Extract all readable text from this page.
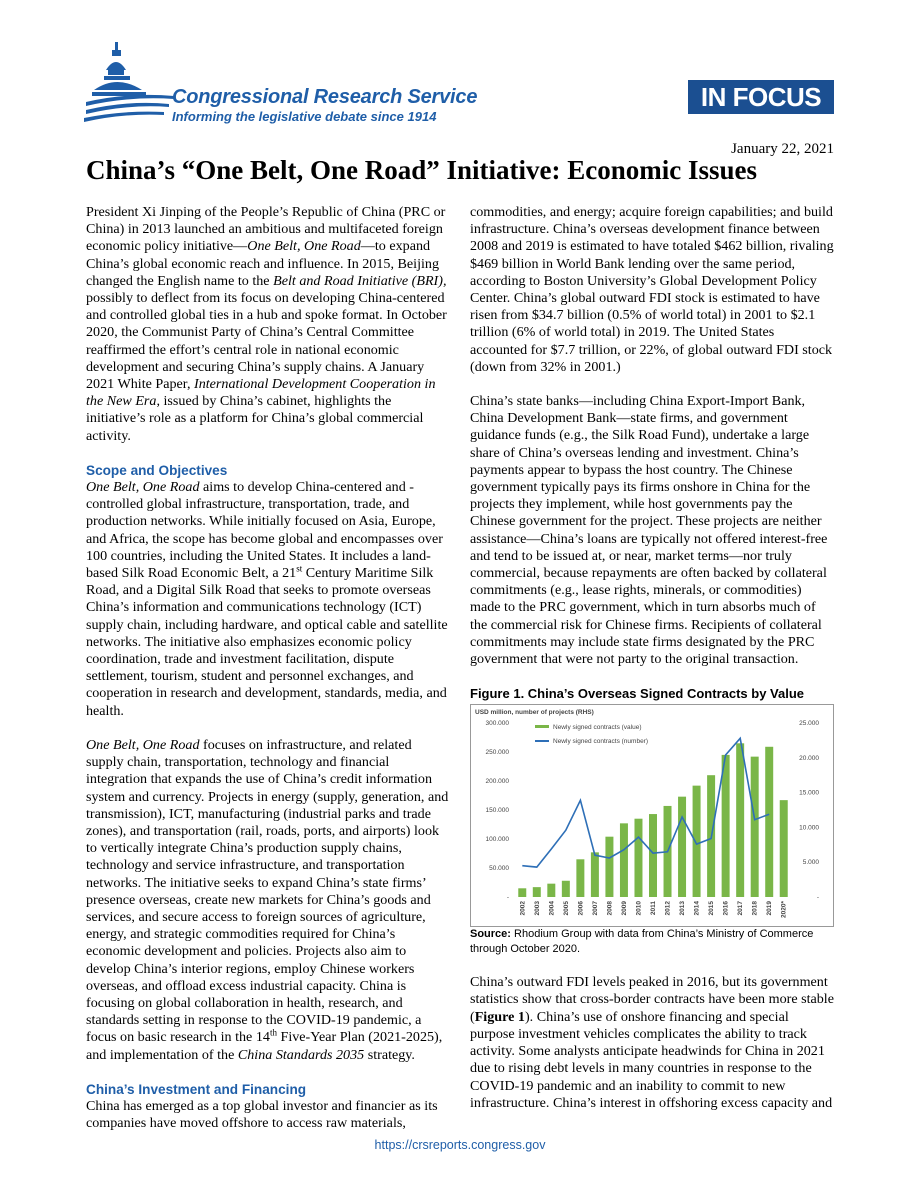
Congressional Research Service
Informing the legislative debate since 1914
IN FOCUS
January 22, 2021
China’s “One Belt, One Road” Initiative: Economic Issues

President Xi Jinping of the People’s Republic of China (PRC or China) in 2013 launched an ambitious and multifaceted foreign economic policy initiative—One Belt, One Road—to expand China’s global economic reach and influence. In 2015, Beijing changed the English name to the Belt and Road Initiative (BRI), possibly to deflect from its focus on developing China-centered and controlled global ties in a hub and spoke format. In October 2020, the Communist Party of China’s Central Committee reaffirmed the effort’s central role in national economic development and securing China’s supply chains. A January 2021 White Paper, International Development Cooperation in the New Era, issued by China’s cabinet, highlights the initiative’s role as a platform for China’s global commercial activity.

Scope and Objectives

One Belt, One Road aims to develop China-centered and -controlled global infrastructure, transportation, trade, and production networks. While initially focused on Asia, Europe, and Africa, the scope has become global and encompasses over 100 countries, including the United States. It includes a land-based Silk Road Economic Belt, a 21st Century Maritime Silk Road, and a Digital Silk Road that seeks to promote overseas China’s information and communications technology (ICT) supply chain, including hardware, and optical cable and satellite networks. The initiative also emphasizes economic policy coordination, trade and investment facilitation, dispute settlement, tourism, student and personnel exchanges, and cooperation in research and development, standards, media, and health.

One Belt, One Road focuses on infrastructure, and related supply chain, transportation, technology and financial integration that expands the use of China’s credit information system and currency. Projects in energy (supply, generation, and transmission), ICT, manufacturing (industrial parks and trade zones), and transportation (rail, roads, ports, and airports) look to vertically integrate China’s production supply chains, technology and service infrastructure, and transportation networks. The initiative seeks to expand China’s state firms’ presence overseas, create new markets for China’s goods and services, and secure access to foreign sources of agriculture, energy, and strategic commodities required for China’s economic development and policies. Projects also aim to develop China’s interior regions, employ Chinese workers overseas, and offload excess industrial capacity. China is focusing on global collaboration in health, research, and standards setting in response to the COVID-19 pandemic, a focus on basic research in the 14th Five-Year Plan (2021-2025), and implementation of the China Standards 2035 strategy.

China’s Investment and Financing

China has emerged as a top global investor and financier as its companies have moved offshore to access raw materials,

commodities, and energy; acquire foreign capabilities; and build infrastructure. China’s overseas development finance between 2008 and 2019 is estimated to have totaled $462 billion, rivaling $469 billion in World Bank lending over the same period, according to Boston University’s Global Development Policy Center. China’s global outward FDI stock is estimated to have risen from $34.7 billion (0.5% of world total) in 2001 to $2.1 trillion (6% of world total) in 2019. The United States accounted for $7.7 trillion, or 22%, of global outward FDI stock (down from 32% in 2001.)

China’s state banks—including China Export-Import Bank, China Development Bank—state firms, and government guidance funds (e.g., the Silk Road Fund), undertake a large share of China’s overseas lending and investment. China’s payments appear to bypass the host country. The Chinese government typically pays its firms onshore in China for the projects they implement, while host governments pay the Chinese government for the project. These projects are neither assistance—China’s loans are typically not offered interest-free and tend to be issued at, or near, market terms—nor truly commercial, because repayments are often backed by collateral commitments (e.g., lease rights, minerals, or commodities) made to the PRC government, which in turn absorbs much of the commercial risk for Chinese firms. Recipients of collateral commitments may include state firms designated by the PRC government that were not party to the original transaction.

Figure 1. China’s Overseas Signed Contracts by Value
USD million, number of projects (RHS)
-
50.000
100.000
150.000
200.000
250.000
300.000
-
5.000
10.000
15.000
20.000
25.000
2002 2003 2004 2005 2006 2007 2008 2009 2010 2011 2012 2013 2014 2015 2016 2017 2018 2019 2020*
Newly signed contracts (value)
Newly signed contracts (number)

Source: Rhodium Group with data from China’s Ministry of Commerce through October 2020.

China’s outward FDI levels peaked in 2016, but its government statistics show that cross-border contracts have been more stable (Figure 1). China’s use of onshore financing and special purpose investment vehicles complicates the ability to track activity. Some analysts anticipate headwinds for China in 2021 due to rising debt levels in many countries in response to the COVID-19 pandemic and an inability to commit to new infrastructure. China’s interest in offshoring excess capacity and

https://crsreports.congress.gov
